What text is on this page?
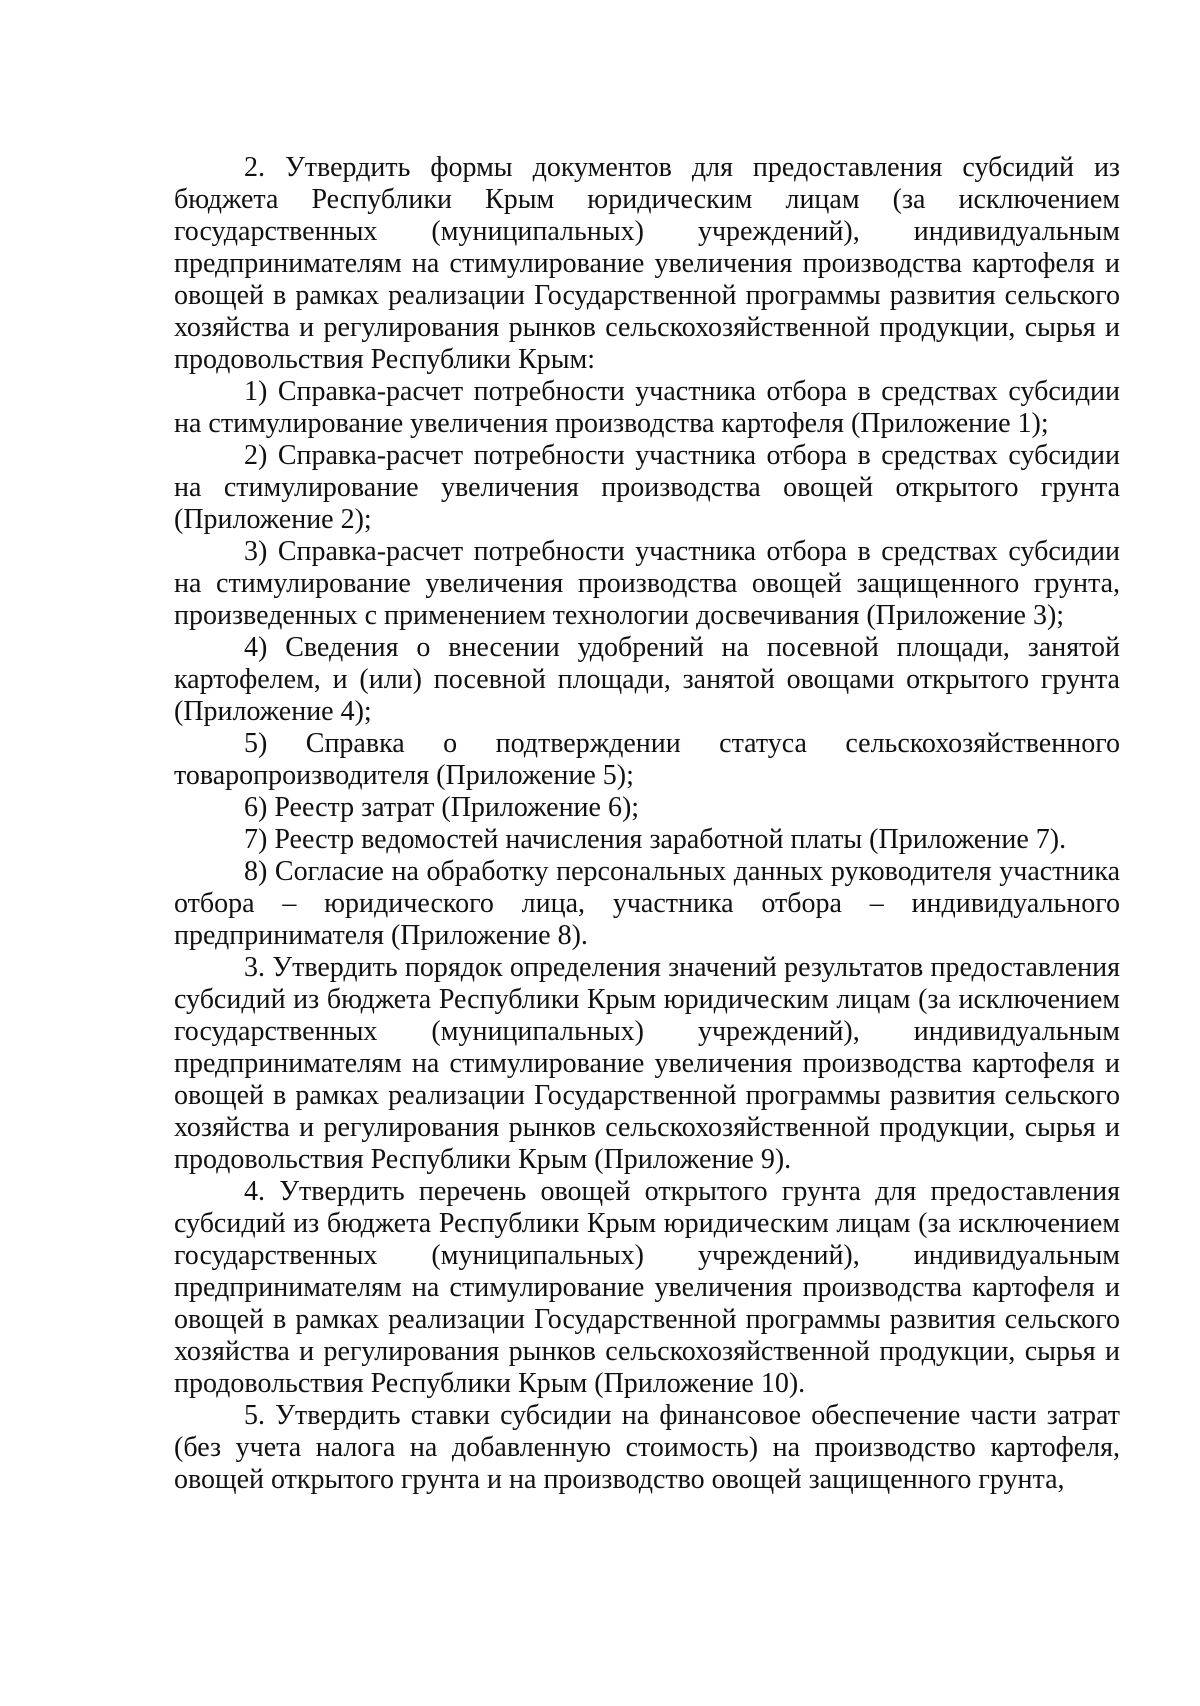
2. Утвердить формы документов для предоставления субсидий из бюджета Республики Крым юридическим лицам (за исключением государственных (муниципальных) учреждений), индивидуальным предпринимателям на стимулирование увеличения производства картофеля и овощей в рамках реализации Государственной программы развития сельского хозяйства и регулирования рынков сельскохозяйственной продукции, сырья и продовольствия Республики Крым:

1) Справка-расчет потребности участника отбора в средствах субсидии на стимулирование увеличения производства картофеля (Приложение 1);

2) Справка-расчет потребности участника отбора в средствах субсидии на стимулирование увеличения производства овощей открытого грунта (Приложение 2);

3) Справка-расчет потребности участника отбора в средствах субсидии на стимулирование увеличения производства овощей защищенного грунта, произведенных с применением технологии досвечивания (Приложение 3);

4) Сведения о внесении удобрений на посевной площади, занятой картофелем, и (или) посевной площади, занятой овощами открытого грунта (Приложение 4);

5) Справка о подтверждении статуса сельскохозяйственного товаропроизводителя (Приложение 5);

6) Реестр затрат (Приложение 6);

7) Реестр ведомостей начисления заработной платы (Приложение 7).

8) Согласие на обработку персональных данных руководителя участника отбора – юридического лица, участника отбора – индивидуального предпринимателя (Приложение 8).

3. Утвердить порядок определения значений результатов предоставления субсидий из бюджета Республики Крым юридическим лицам (за исключением государственных (муниципальных) учреждений), индивидуальным предпринимателям на стимулирование увеличения производства картофеля и овощей в рамках реализации Государственной программы развития сельского хозяйства и регулирования рынков сельскохозяйственной продукции, сырья и продовольствия Республики Крым (Приложение 9).

4. Утвердить перечень овощей открытого грунта для предоставления субсидий из бюджета Республики Крым юридическим лицам (за исключением государственных (муниципальных) учреждений), индивидуальным предпринимателям на стимулирование увеличения производства картофеля и овощей в рамках реализации Государственной программы развития сельского хозяйства и регулирования рынков сельскохозяйственной продукции, сырья и продовольствия Республики Крым (Приложение 10).

5. Утвердить ставки субсидии на финансовое обеспечение части затрат (без учета налога на добавленную стоимость) на производство картофеля, овощей открытого грунта и на производство овощей защищенного грунта,
